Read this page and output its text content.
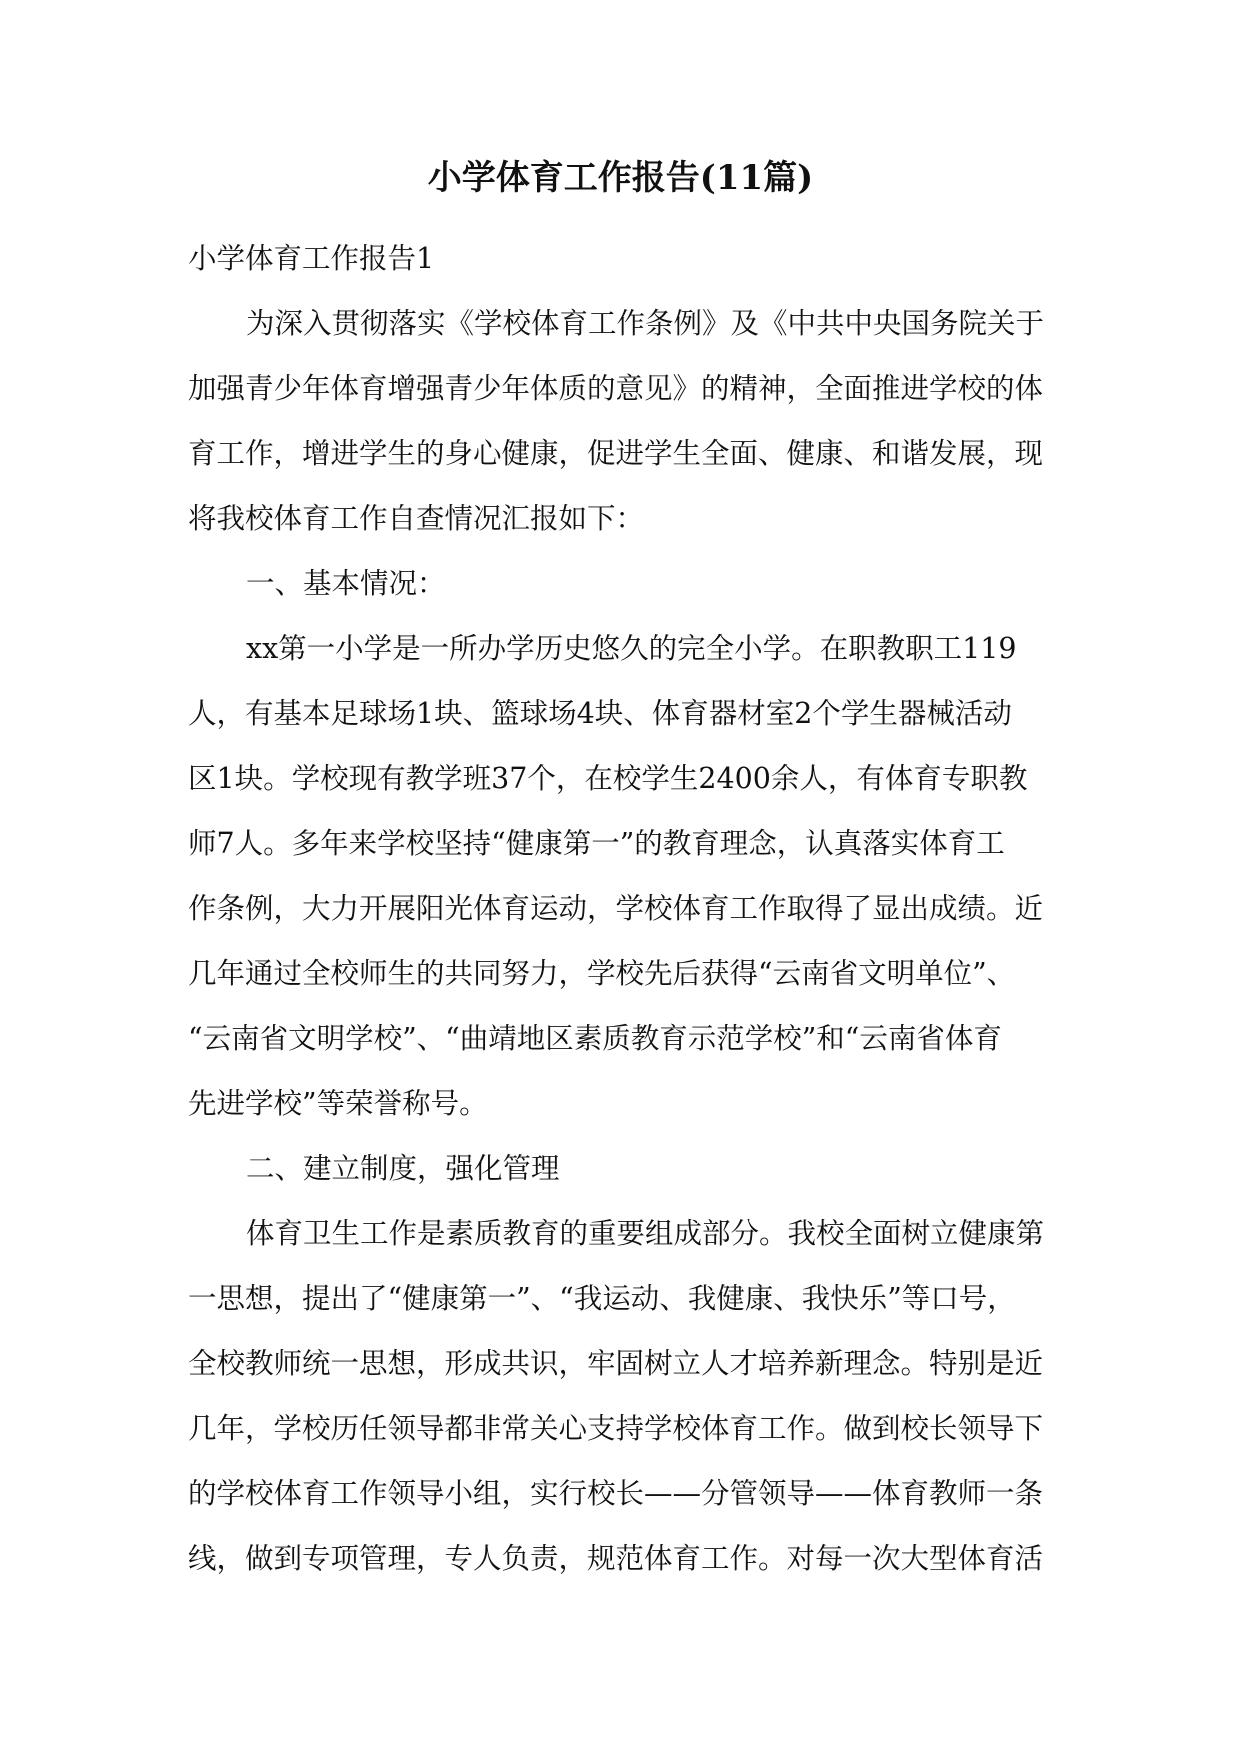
小学体育工作报告(11篇)
小学体育工作报告1
为深入贯彻落实《学校体育工作条例》及《中共中央国务院关于
加强青少年体育增强青少年体质的意见》的精神，全面推进学校的体
育工作，增进学生的身心健康，促进学生全面、健康、和谐发展，现
将我校体育工作自查情况汇报如下：
一、基本情况：
xx第一小学是一所办学历史悠久的完全小学。在职教职工119
人，有基本足球场1块、篮球场4块、体育器材室2个学生器械活动
区1块。学校现有教学班37个，在校学生2400余人，有体育专职教
师7人。多年来学校坚持“健康第一”的教育理念，认真落实体育工
作条例，大力开展阳光体育运动，学校体育工作取得了显出成绩。近
几年通过全校师生的共同努力，学校先后获得“云南省文明单位”、
“云南省文明学校”、“曲靖地区素质教育示范学校”和“云南省体育
先进学校”等荣誉称号。
二、建立制度，强化管理
体育卫生工作是素质教育的重要组成部分。我校全面树立健康第
一思想，提出了“健康第一”、“我运动、我健康、我快乐”等口号，
全校教师统一思想，形成共识，牢固树立人才培养新理念。特别是近
几年，学校历任领导都非常关心支持学校体育工作。做到校长领导下
的学校体育工作领导小组，实行校长——分管领导——体育教师一条
线，做到专项管理，专人负责，规范体育工作。对每一次大型体育活
